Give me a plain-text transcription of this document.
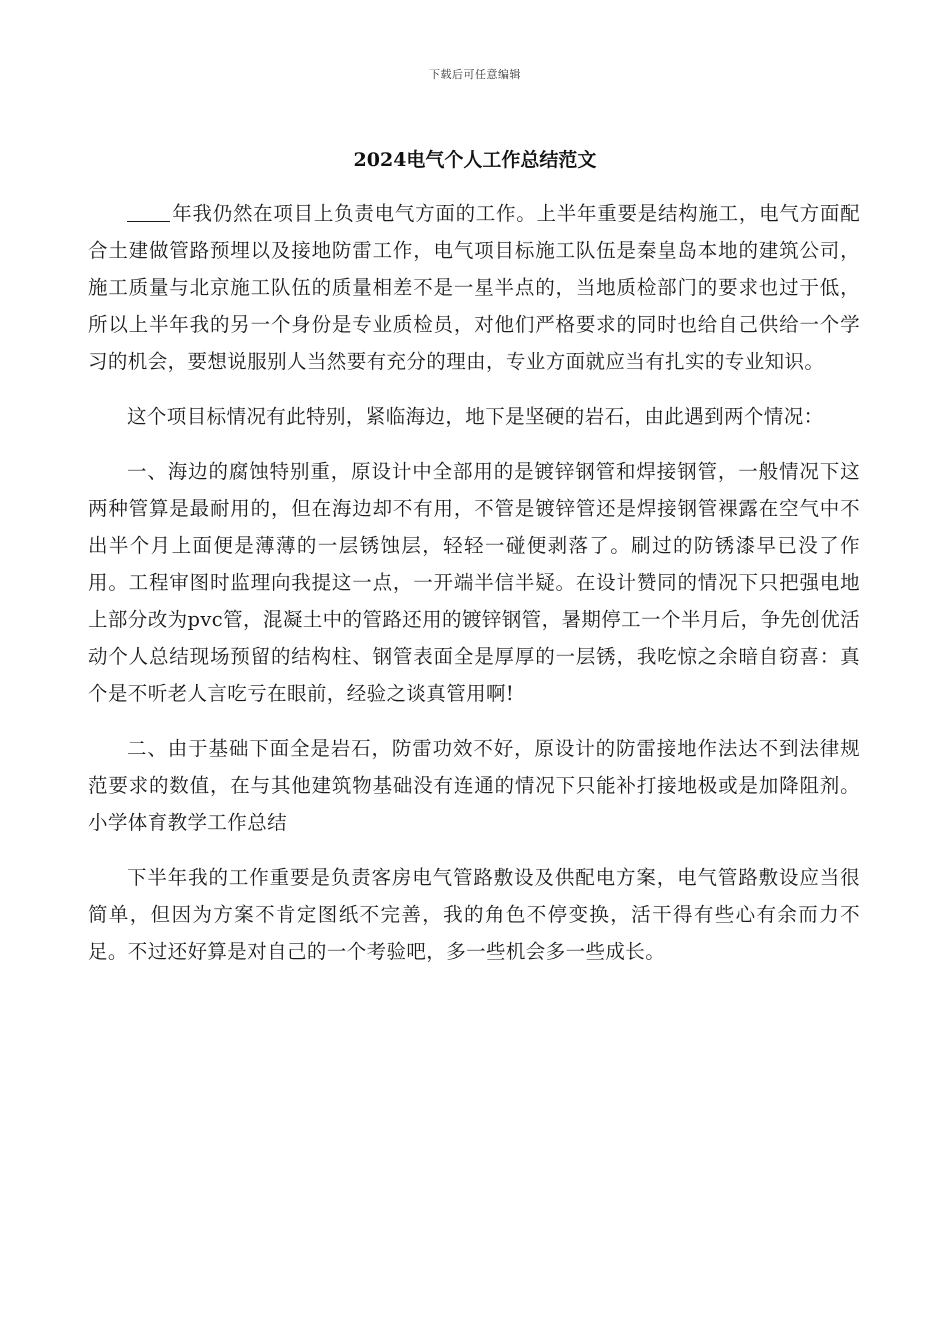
下载后可任意编辑
2024电气个人工作总结范文

年我仍然在项目上负责电气方面的工作。上半年重要是结构施工，电气方面配合土建做管路预埋以及接地防雷工作，电气项目标施工队伍是秦皇岛本地的建筑公司，施工质量与北京施工队伍的质量相差不是一星半点的，当地质检部门的要求也过于低，所以上半年我的另一个身份是专业质检员，对他们严格要求的同时也给自己供给一个学习的机会，要想说服别人当然要有充分的理由，专业方面就应当有扎实的专业知识。

这个项目标情况有此特别，紧临海边，地下是坚硬的岩石，由此遇到两个情况：

一、海边的腐蚀特别重，原设计中全部用的是镀锌钢管和焊接钢管，一般情况下这两种管算是最耐用的，但在海边却不有用，不管是镀锌管还是焊接钢管裸露在空气中不出半个月上面便是薄薄的一层锈蚀层，轻轻一碰便剥落了。刷过的防锈漆早已没了作用。工程审图时监理向我提这一点，一开端半信半疑。在设计赞同的情况下只把强电地上部分改为pvc管，混凝土中的管路还用的镀锌钢管，暑期停工一个半月后，争先创优活动个人总结现场预留的结构柱、钢管表面全是厚厚的一层锈，我吃惊之余暗自窃喜：真个是不听老人言吃亏在眼前，经验之谈真管用啊!

二、由于基础下面全是岩石，防雷功效不好，原设计的防雷接地作法达不到法律规范要求的数值，在与其他建筑物基础没有连通的情况下只能补打接地极或是加降阻剂。小学体育教学工作总结

下半年我的工作重要是负责客房电气管路敷设及供配电方案，电气管路敷设应当很简单，但因为方案不肯定图纸不完善，我的角色不停变换，活干得有些心有余而力不足。不过还好算是对自己的一个考验吧，多一些机会多一些成长。
